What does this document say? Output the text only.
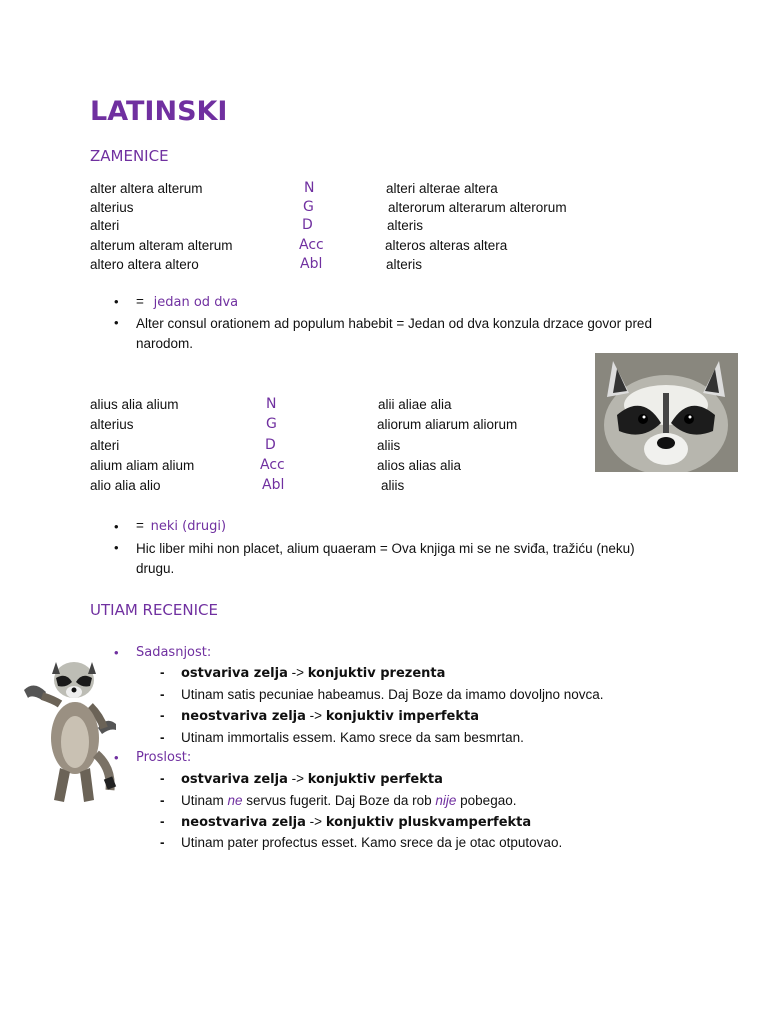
LATINSKI
ZAMENICE
alter altera alterum	N	alteri alterae altera
alterius	G	alterorum alterarum alterorum
alteri	D	alteris
alterum alteram alterum	Acc	alteros alteras altera
altero altera altero	Abl	alteris
• = jedan od dva
• Alter consul orationem ad populum habebit = Jedan od dva konzula drzace govor pred narodom.
alius alia alium	N	alii aliae alia
alterius	G	aliorum aliarum aliorum
alteri	D	aliis
alium aliam alium	Acc	alios alias alia
alio alia alio	Abl	aliis
• = neki (drugi)
• Hic liber mihi non placet, alium quaeram = Ova knjiga mi se ne sviđa, tražiću (neku) drugu.
UTIAM RECENICE
• Sadasnjost:
- ostvariva zelja -> konjuktiv prezenta
- Utinam satis pecuniae habeamus. Daj Boze da imamo dovoljno novca.
- neostvariva zelja -> konjuktiv imperfekta
- Utinam immortalis essem. Kamo srece da sam besmrtan.
• Proslost:
- ostvariva zelja -> konjuktiv perfekta
- Utinam ne servus fugerit. Daj Boze da rob nije pobegao.
- neostvariva zelja -> konjuktiv pluskvamperfekta
- Utinam pater profectus esset. Kamo srece da je otac otputovao.
